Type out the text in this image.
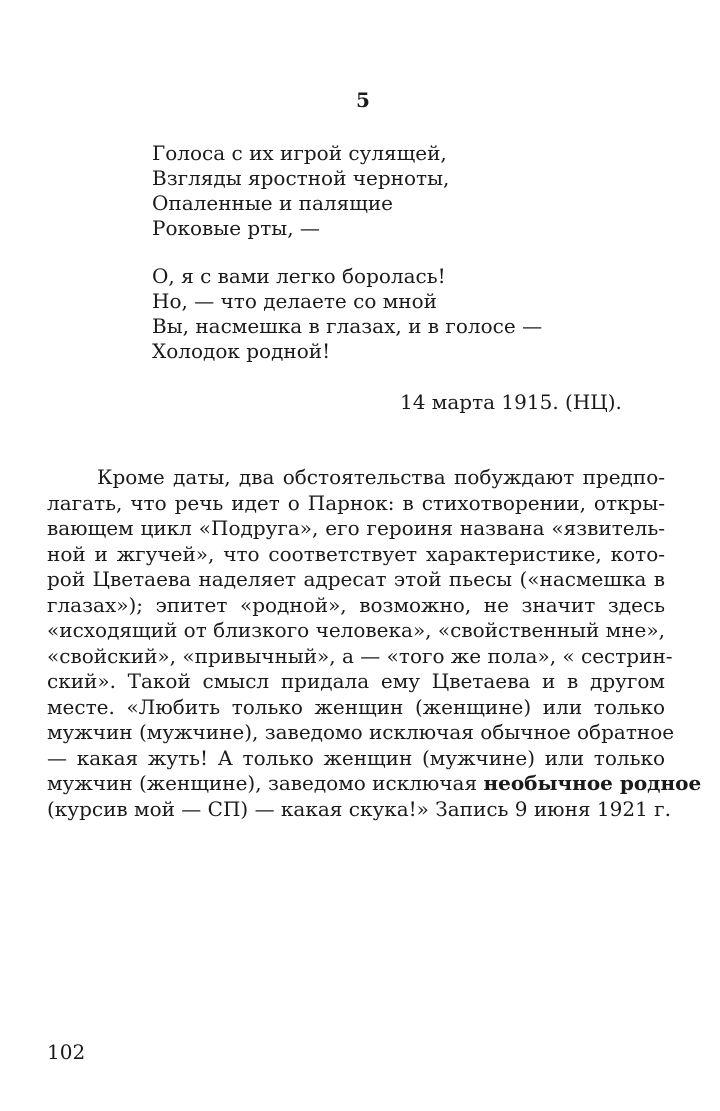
5
Голоса с их игрой сулящей,
Взгляды яростной черноты,
Опаленные и палящие
Роковые рты, —
О, я с вами легко боролась!
Но, — что делаете со мной
Вы, насмешка в глазах, и в голосе —
Холодок родной!
14 марта 1915. (НЦ).
Кроме даты, два обстоятельства побуждают предпо-
лагать, что речь идет о Парнок: в стихотворении, откры-
вающем цикл «Подруга», его героиня названа «язвитель-
ной и жгучей», что соответствует характеристике, кото-
рой Цветаева наделяет адресат этой пьесы («насмешка в
глазах»); эпитет «родной», возможно, не значит здесь
«исходящий от близкого человека», «свойственный мне»,
«свойский», «привычный», а — «того же пола», « сестрин-
ский». Такой смысл придала ему Цветаева и в другом
месте. «Любить только женщин (женщине) или только
мужчин (мужчине), заведомо исключая обычное обратное
— какая жуть! А только женщин (мужчине) или только
мужчин (женщине), заведомо исключая необычное родное
(курсив мой — СП) — какая скука!» Запись 9 июня 1921 г.
102
